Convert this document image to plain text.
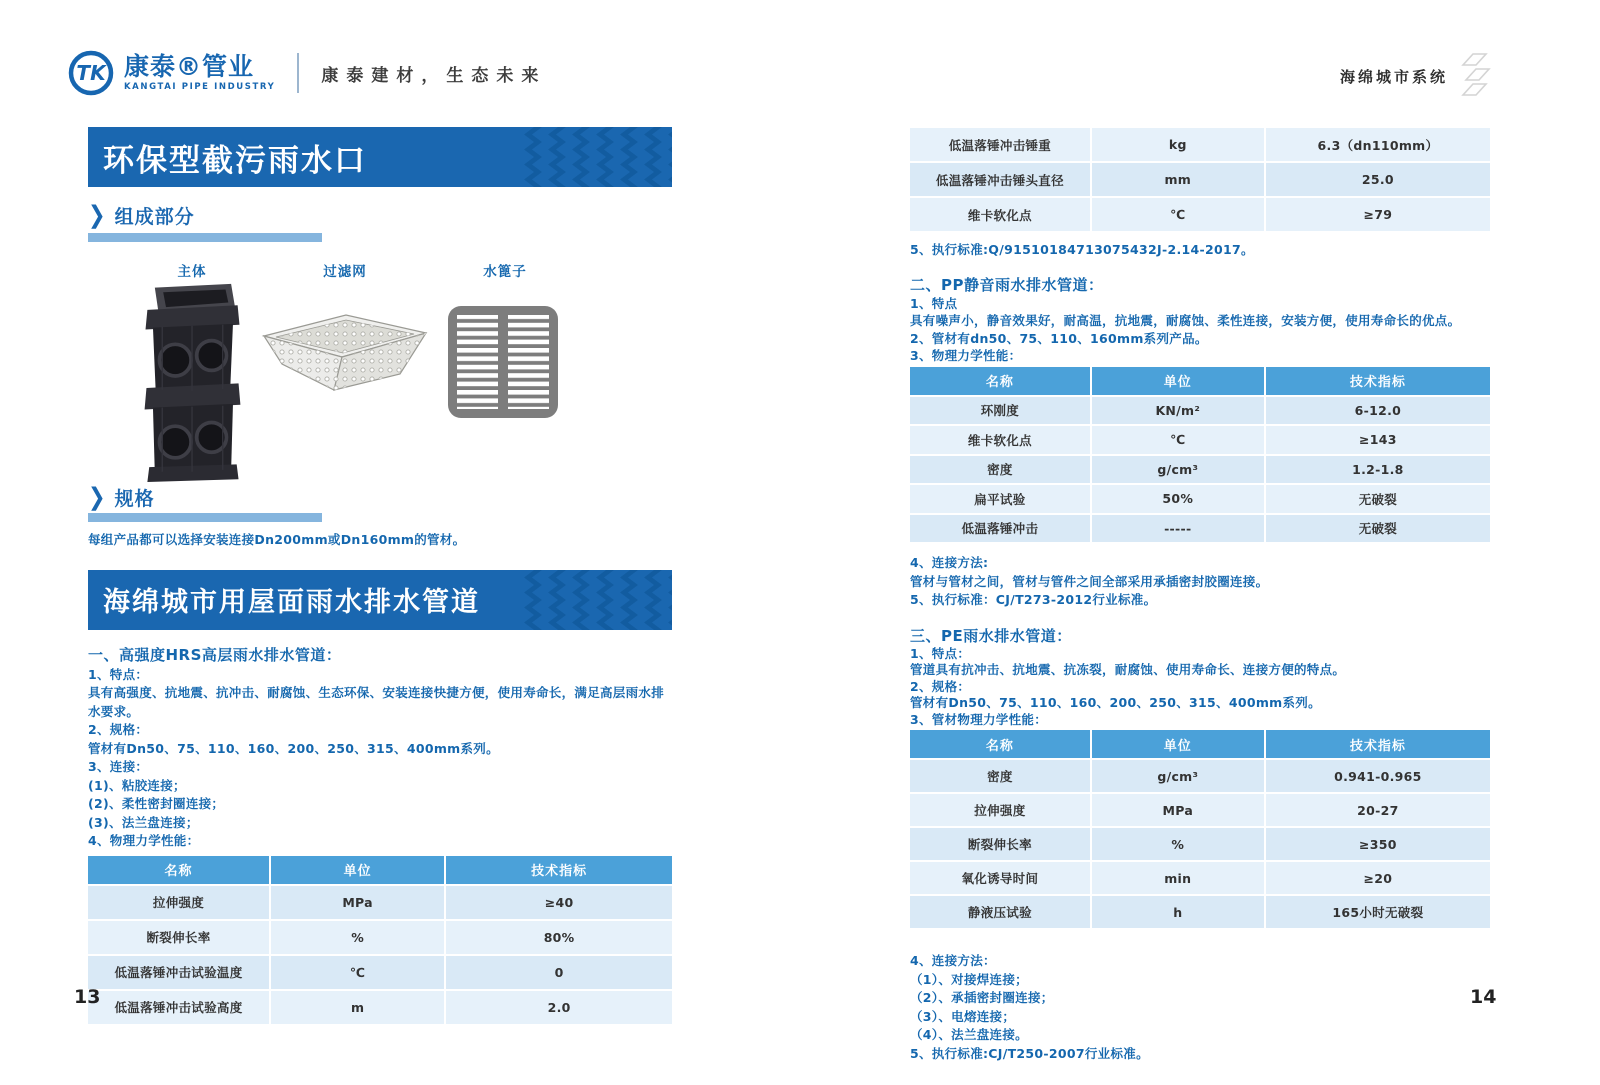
TK 康泰®管业
KANGTAI PIPE INDUSTRY
康泰建材，生态未来	海绵城市系统
环保型截污雨水口
❯ 组成部分
主体	过滤网	水篦子
❯ 规格
每组产品都可以选择安装连接Dn200mm或Dn160mm的管材。
海绵城市用屋面雨水排水管道
一、高强度HRS高层雨水排水管道：
1、特点：
具有高强度、抗地震、抗冲击、耐腐蚀、生态环保、安装连接快捷方便，使用寿命长，满足高层雨水排水要求。
2、规格：
管材有Dn50、75、110、160、200、250、315、400mm系列。
3、连接：
(1)、粘胶连接；
(2)、柔性密封圈连接；
(3)、法兰盘连接；
4、物理力学性能：
名称	单位	技术指标
拉伸强度	MPa	≥40
断裂伸长率	%	80%
低温落锤冲击试验温度	℃	0
低温落锤冲击试验高度	m	2.0
低温落锤冲击锤重	kg	6.3（dn110mm）
低温落锤冲击锤头直径	mm	25.0
维卡软化点	℃	≥79
5、执行标准:Q/91510184713075432J-2.14-2017。
二、PP静音雨水排水管道：
1、特点
具有噪声小，静音效果好，耐高温，抗地震，耐腐蚀、柔性连接，安装方便，使用寿命长的优点。
2、管材有dn50、75、110、160mm系列产品。
3、物理力学性能：
名称	单位	技术指标
环刚度	KN/m²	6-12.0
维卡软化点	℃	≥143
密度	g/cm³	1.2-1.8
扁平试验	50%	无破裂
低温落锤冲击	-----	无破裂
4、连接方法:
管材与管材之间，管材与管件之间全部采用承插密封胶圈连接。
5、执行标准：CJ/T273-2012行业标准。
三、PE雨水排水管道：
1、特点：
管道具有抗冲击、抗地震、抗冻裂，耐腐蚀、使用寿命长、连接方便的特点。
2、规格：
管材有Dn50、75、110、160、200、250、315、400mm系列。
3、管材物理力学性能：
名称	单位	技术指标
密度	g/cm³	0.941-0.965
拉伸强度	MPa	20-27
断裂伸长率	%	≥350
氧化诱导时间	min	≥20
静液压试验	h	165小时无破裂
4、连接方法：
（1）、对接焊连接；
（2）、承插密封圈连接；
（3）、电熔连接；
（4）、法兰盘连接。
5、执行标准:CJ/T250-2007行业标准。
13	14
